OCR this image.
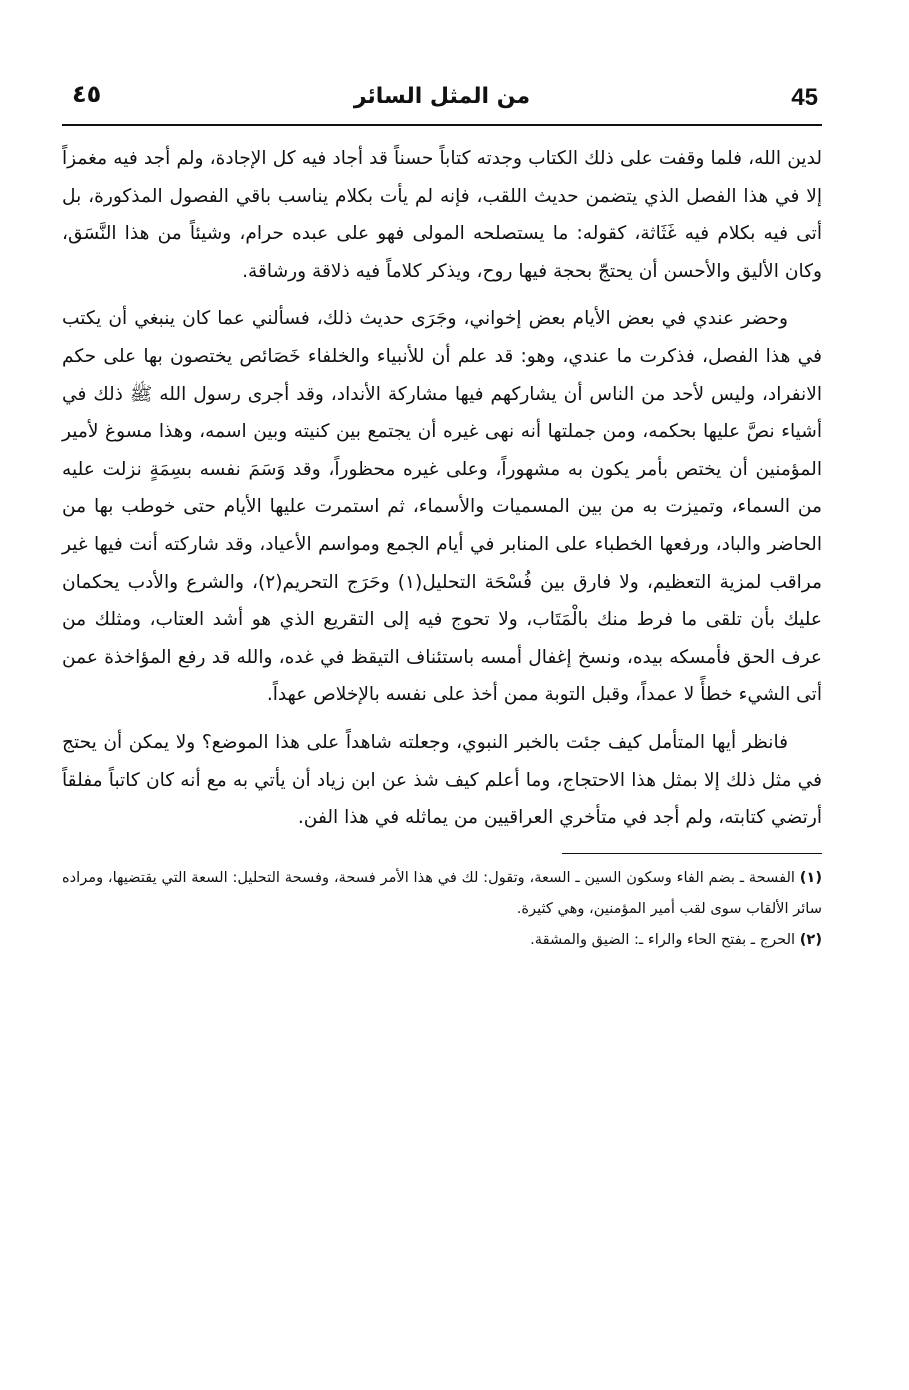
45
من المثل السائر
٤٥

لدين الله، فلما وقفت على ذلك الكتاب وجدته كتاباً حسناً قد أجاد فيه كل الإجادة، ولم أجد فيه مغمزاً إلا في هذا الفصل الذي يتضمن حديث اللقب، فإنه لم يأت بكلام يناسب باقي الفصول المذكورة، بل أتى فيه بكلام فيه غَثَاثة، كقوله: ما يستصلحه المولى فهو على عبده حرام، وشيئاً من هذا النَّسَق، وكان الأليق والأحسن أن يحتجّ بحجة فيها روح، ويذكر كلاماً فيه ذلاقة ورشاقة.

وحضر عندي في بعض الأيام بعض إخواني، وجَرَى حديث ذلك، فسألني عما كان ينبغي أن يكتب في هذا الفصل، فذكرت ما عندي، وهو: قد علم أن للأنبياء والخلفاء خَصَائص يختصون بها على حكم الانفراد، وليس لأحد من الناس أن يشاركهم فيها مشاركة الأنداد، وقد أجرى رسول الله ﷺ ذلك في أشياء نصَّ عليها بحكمه، ومن جملتها أنه نهى غيره أن يجتمع بين كنيته وبين اسمه، وهذا مسوغ لأمير المؤمنين أن يختص بأمر يكون به مشهوراً، وعلى غيره محظوراً، وقد وَسَمَ نفسه بسِمَةٍ نزلت عليه من السماء، وتميزت به من بين المسميات والأسماء، ثم استمرت عليها الأيام حتى خوطب بها من الحاضر والباد، ورفعها الخطباء على المنابر في أيام الجمع ومواسم الأعياد، وقد شاركته أنت فيها غير مراقب لمزية التعظيم، ولا فارق بين فُسْحَة التحليل(١) وحَرَج التحريم(٢)، والشرع والأدب يحكمان عليك بأن تلقى ما فرط منك بالْمَتَاب، ولا تحوج فيه إلى التقريع الذي هو أشد العتاب، ومثلك من عرف الحق فأمسكه بيده، ونسخ إغفال أمسه باستئناف التيقظ في غده، والله قد رفع المؤاخذة عمن أتى الشيء خطأً لا عمداً، وقبل التوبة ممن أخذ على نفسه بالإخلاص عهداً.

فانظر أيها المتأمل كيف جئت بالخبر النبوي، وجعلته شاهداً على هذا الموضع؟ ولا يمكن أن يحتج في مثل ذلك إلا بمثل هذا الاحتجاج، وما أعلم كيف شذ عن ابن زياد أن يأتي به مع أنه كان كاتباً مفلقاً أرتضي كتابته، ولم أجد في متأخري العراقيين من يماثله في هذا الفن.

(١) الفسحة ـ بضم الفاء وسكون السين ـ السعة، وتقول: لك في هذا الأمر فسحة، وفسحة التحليل: السعة التي يقتضيها، ومراده سائر الألقاب سوى لقب أمير المؤمنين، وهي كثيرة.

(٢) الحرج ـ بفتح الحاء والراء ـ: الضيق والمشقة.
